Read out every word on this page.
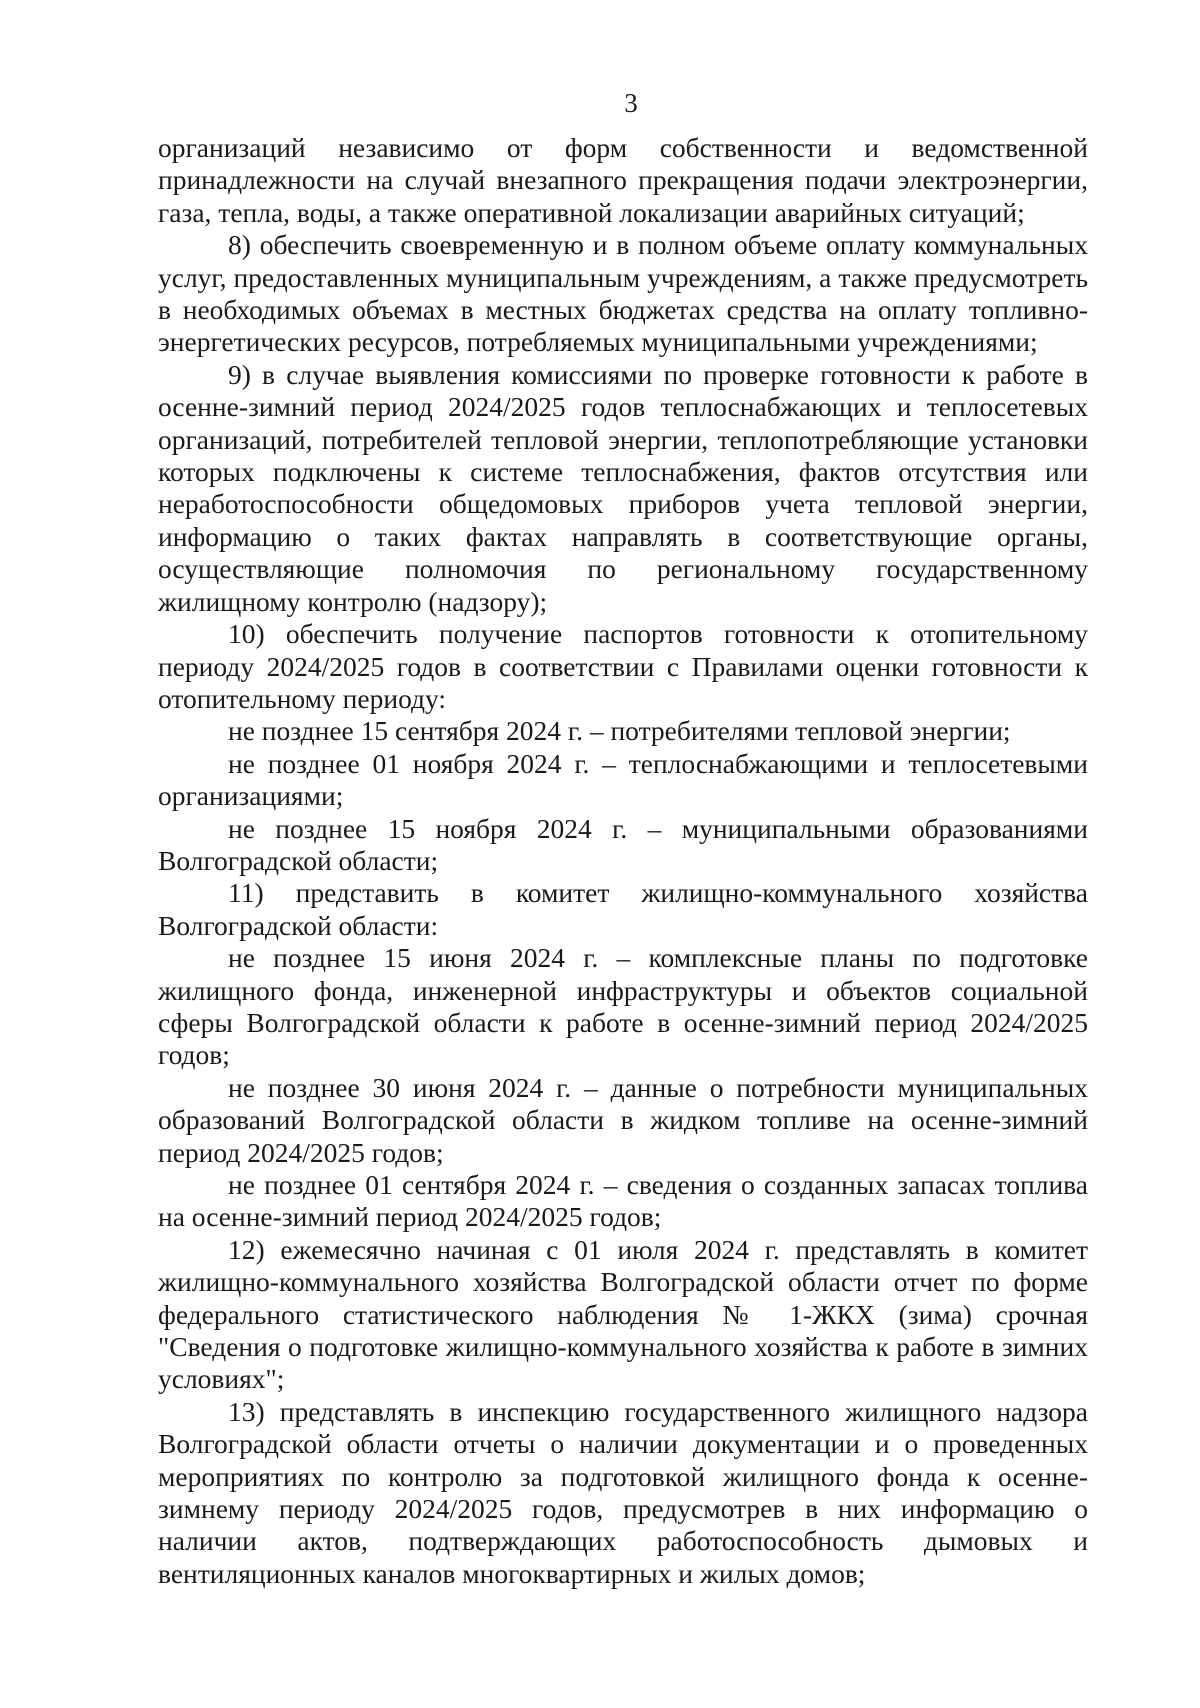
3

организаций независимо от форм собственности и ведомственной принадлежности на случай внезапного прекращения подачи электроэнергии, газа, тепла, воды, а также оперативной локализации аварийных ситуаций;

8) обеспечить своевременную и в полном объеме оплату коммунальных услуг, предоставленных муниципальным учреждениям, а также предусмотреть в необходимых объемах в местных бюджетах средства на оплату топливно-энергетических ресурсов, потребляемых муниципальными учреждениями;

9) в случае выявления комиссиями по проверке готовности к работе в осенне-зимний период 2024/2025 годов теплоснабжающих и теплосетевых организаций, потребителей тепловой энергии, теплопотребляющие установки которых подключены к системе теплоснабжения, фактов отсутствия или неработоспособности общедомовых приборов учета тепловой энергии, информацию о таких фактах направлять в соответствующие органы, осуществляющие полномочия по региональному государственному жилищному контролю (надзору);

10) обеспечить получение паспортов готовности к отопительному периоду 2024/2025 годов в соответствии с Правилами оценки готовности к отопительному периоду:

не позднее 15 сентября 2024 г. – потребителями тепловой энергии;

не позднее 01 ноября 2024 г. – теплоснабжающими и теплосетевыми организациями;

не позднее 15 ноября 2024 г. – муниципальными образованиями Волгоградской области;

11) представить в комитет жилищно-коммунального хозяйства Волгоградской области:

не позднее 15 июня 2024 г. – комплексные планы по подготовке жилищного фонда, инженерной инфраструктуры и объектов социальной сферы Волгоградской области к работе в осенне-зимний период 2024/2025 годов;

не позднее 30 июня 2024 г. – данные о потребности муниципальных образований Волгоградской области в жидком топливе на осенне-зимний период 2024/2025 годов;

не позднее 01 сентября 2024 г. – сведения о созданных запасах топлива на осенне-зимний период 2024/2025 годов;

12) ежемесячно начиная с 01 июля 2024 г. представлять в комитет жилищно-коммунального хозяйства Волгоградской области отчет по форме федерального статистического наблюдения № 1-ЖКХ (зима) срочная "Сведения о подготовке жилищно-коммунального хозяйства к работе в зимних условиях";

13) представлять в инспекцию государственного жилищного надзора Волгоградской области отчеты о наличии документации и о проведенных мероприятиях по контролю за подготовкой жилищного фонда к осенне-зимнему периоду 2024/2025 годов, предусмотрев в них информацию о наличии актов, подтверждающих работоспособность дымовых и вентиляционных каналов многоквартирных и жилых домов;
